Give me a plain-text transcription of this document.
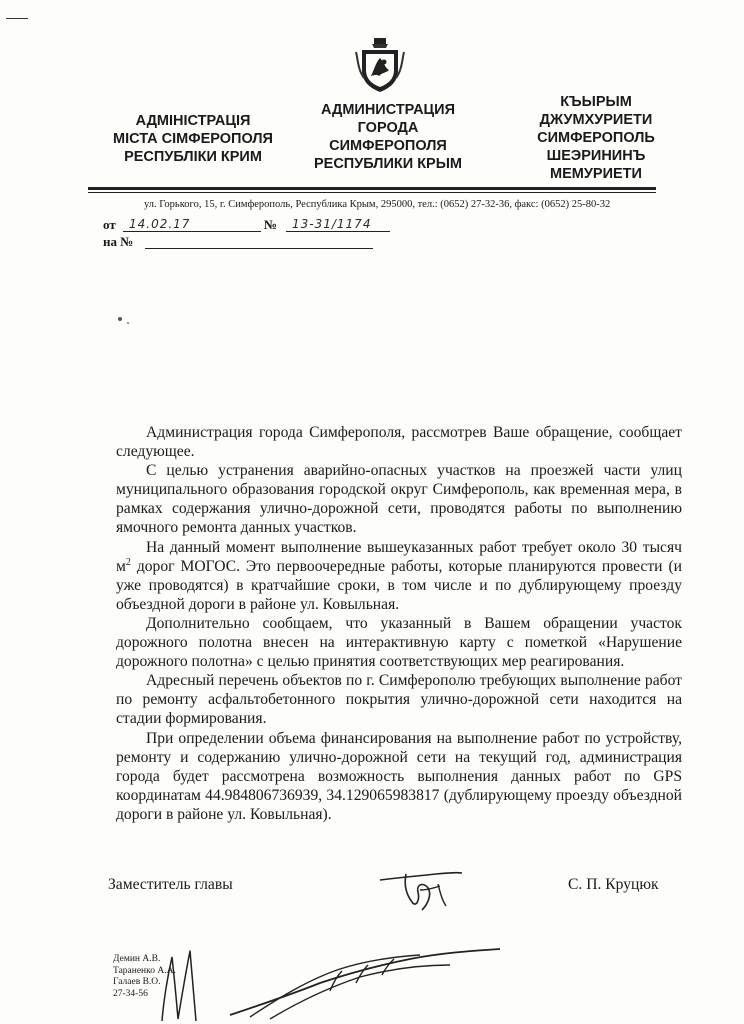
АДМІНІСТРАЦІЯ
МІСТА СІМФЕРОПОЛЯ
РЕСПУБЛІКИ КРИМ
АДМИНИСТРАЦИЯ
ГОРОДА
СИМФЕРОПОЛЯ
РЕСПУБЛИКИ КРЫМ
КЪЫРЫМ
ДЖУМХУРИЕТИ
СИМФЕРОПОЛЬ
ШЕЭРИНИНЪ
МЕМУРИЕТИ
ул. Горького, 15, г. Симферополь, Республика Крым, 295000, тел.: (0652) 27-32-36, факс: (0652) 25-80-32
от 14.02.17	№ 13-31/1174
на №

Администрация города Симферополя, рассмотрев Ваше обращение, сообщает следующее.

С целью устранения аварийно-опасных участков на проезжей части улиц муниципального образования городской округ Симферополь, как временная мера, в рамках содержания улично-дорожной сети, проводятся работы по выполнению ямочного ремонта данных участков.

На данный момент выполнение вышеуказанных работ требует около 30 тысяч $м^2$ дорог МОГОС. Это первоочередные работы, которые планируются провести (и уже проводятся) в кратчайшие сроки, в том числе и по дублирующему проезду объездной дороги в районе ул. Ковыльная.

Дополнительно сообщаем, что указанный в Вашем обращении участок дорожного полотна внесен на интерактивную карту с пометкой «Нарушение дорожного полотна» с целью принятия соответствующих мер реагирования.

Адресный перечень объектов по г. Симферополю требующих выполнение работ по ремонту асфальтобетонного покрытия улично-дорожной сети находится на стадии формирования.

При определении объема финансирования на выполнение работ по устройству, ремонту и содержанию улично-дорожной сети на текущий год, администрация города будет рассмотрена возможность выполнения данных работ по GPS координатам 44.984806736939, 34.129065983817 (дублирующему проезду объездной дороги в районе ул. Ковыльная).

Заместитель главы	С. П. Круцюк
Демин А.В.
Тараненко А.А.
Галаев В.О.
27-34-56
